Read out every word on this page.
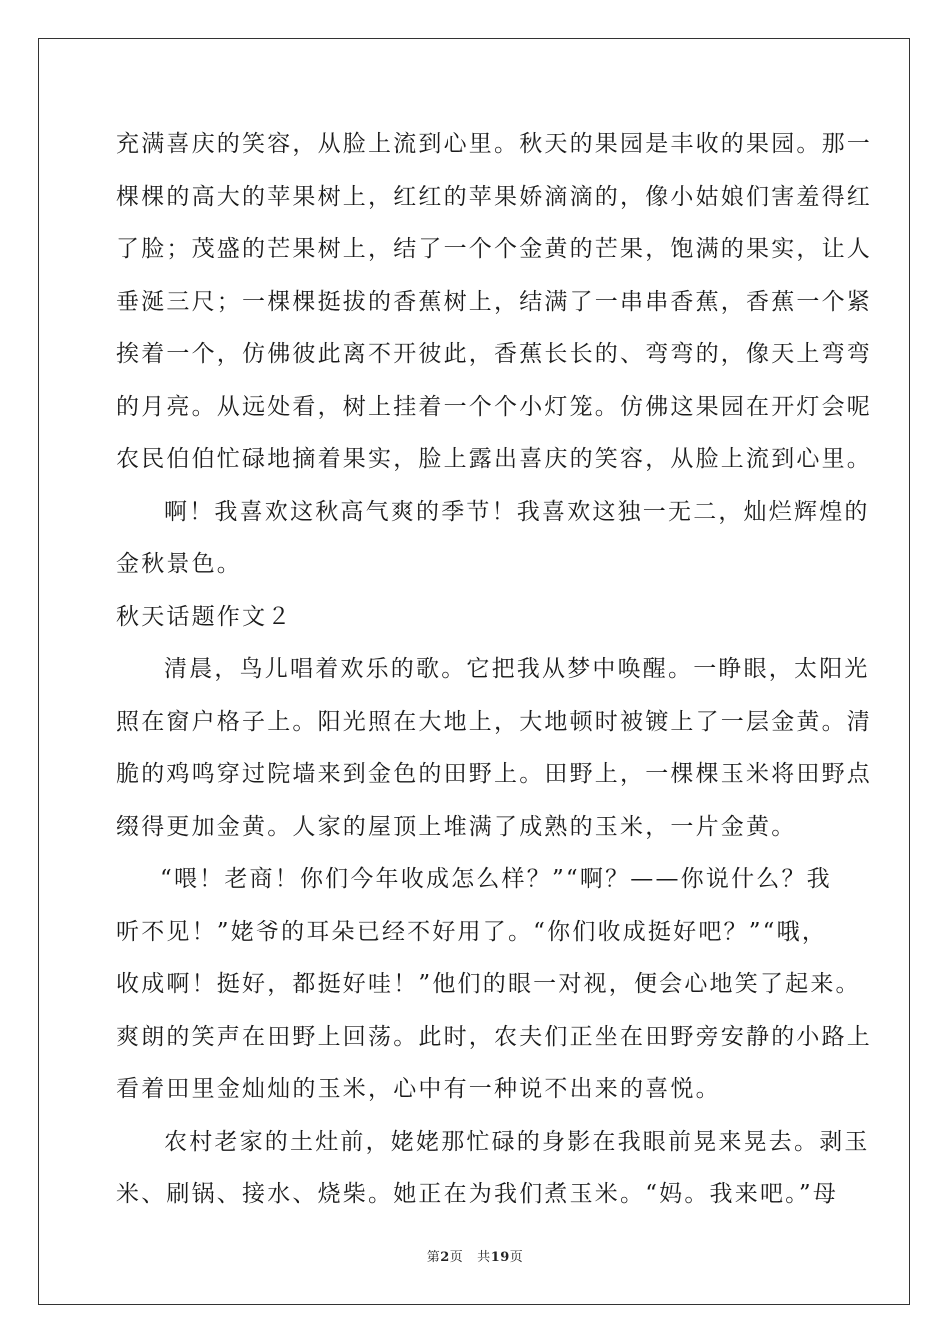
充满喜庆的笑容，从脸上流到心里。秋天的果园是丰收的果园。那一
棵棵的高大的苹果树上，红红的苹果娇滴滴的，像小姑娘们害羞得红
了脸；茂盛的芒果树上，结了一个个金黄的芒果，饱满的果实，让人
垂涎三尺；一棵棵挺拔的香蕉树上，结满了一串串香蕉，香蕉一个紧
挨着一个，仿佛彼此离不开彼此，香蕉长长的、弯弯的，像天上弯弯
的月亮。从远处看，树上挂着一个个小灯笼。仿佛这果园在开灯会呢
农民伯伯忙碌地摘着果实，脸上露出喜庆的笑容，从脸上流到心里。
啊！我喜欢这秋高气爽的季节！我喜欢这独一无二，灿烂辉煌的
金秋景色。
秋天话题作文２
清晨，鸟儿唱着欢乐的歌。它把我从梦中唤醒。一睁眼，太阳光
照在窗户格子上。阳光照在大地上，大地顿时被镀上了一层金黄。清
脆的鸡鸣穿过院墙来到金色的田野上。田野上，一棵棵玉米将田野点
缀得更加金黄。人家的屋顶上堆满了成熟的玉米，一片金黄。
“喂！老商！你们今年收成怎么样？”“啊？——你说什么？我
听不见！”姥爷的耳朵已经不好用了。“你们收成挺好吧？”“哦，
收成啊！挺好，都挺好哇！”他们的眼一对视，便会心地笑了起来。
爽朗的笑声在田野上回荡。此时，农夫们正坐在田野旁安静的小路上
看着田里金灿灿的玉米，心中有一种说不出来的喜悦。
农村老家的土灶前，姥姥那忙碌的身影在我眼前晃来晃去。剥玉
米、刷锅、接水、烧柴。她正在为我们煮玉米。“妈。我来吧。”母
第2页 共19页
